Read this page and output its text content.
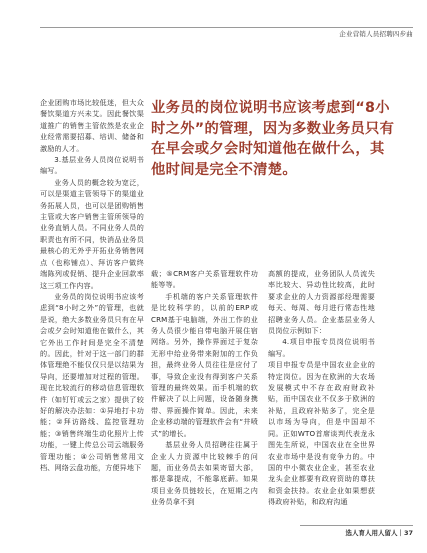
企业营销人员招聘四步曲

企业团购市场比较低迷，但大众餐饮渠道方兴未艾。因此餐饮渠道推广的销售主管依然是农业企业经常需要招募、培训、储备和激励的人才。

3.基层业务人员岗位说明书编写。

业务人员的概念较为宽泛，可以是渠道主管领导下的渠道业务拓展人员，也可以是团购销售主管或大客户销售主管所领导的业务直销人员。不同业务人员的职责也有所不同，快消品业务员最核心的无外乎开拓业务销售网点（也称铺点）、拜访客户做终端陈列或促销、提升企业回款率这三项工作内容。

业务员的岗位说明书应该考虑到“8小时之外”的管理，也就是说，绝大多数业务员只有在早会或夕会时知道他在做什么，其它外出工作时间是完全不清楚的。因此，针对于这一部门的群体管理绝不能仅仅只是以结果为导向，还要增加对过程的管理。现在比较流行的移动信息管理软件（如钉钉或云之家）提供了较好的解决办法如：①异地打卡功能；②拜访路线、监控管理功能；③销售终端生动化照片上传功能，一键上传总公司云端服务管理功能；④公司销售常用文档、网络云盘功能，方便异地下

业务员的岗位说明书应该考虑到“8小时之外”的管理，因为多数业务员只有在早会或夕会时知道他在做什么，其他时间是完全不清楚。

载；⑤CRM客户关系管理软件功能等等。

手机端的客户关系管理软件是比较科学的，以前的ERP或CRM基于电脑端，外出工作的业务人员很少能自带电脑开展住宿网络。另外，操作界面过于复杂无形中给业务带来附加的工作负担，最终业务人员往往是应付了事，导致企业没有得到客户关系管理的最终效果。而手机端的软件解决了以上问题，设备随身携带、界面操作简单。因此，未来企业移动端的管理软件会有“井喷式”的增长。

基层业务人员招聘往往属于企业人力资源中比较棘手的问题，而业务员去如果寄留大部，都是靠提成，不能靠底薪。如果项目业务员链较长，在短期之内业务员拿不到

高额的提成，业务团队人员流失率比较大、异动性比较高，此时要求企业的人力资源部经理需要每天、每周、每月进行常态性地招聘业务人员。企业基层业务人员岗位示例如下：

4.项目申报专员岗位说明书编写。

项目申报专员是中国农业企业的特定岗位。因为在欧洲的大农场发展模式中不存在政府财政补贴，而中国农业不仅多于欧洲的补贴，且政府补贴多了，完全是以市场为导向，但是中国却不同。正如WTO首席谈判代表龙永图先生所说，中国农业在全世界农业市场中是没有竞争力的。中国的中小微农业企业，甚至农业龙头企业都要有政府资助的尊扶和资金扶持。农业企业如果想获得政府补贴，和政府沟通

选人育人用人留人｜37
